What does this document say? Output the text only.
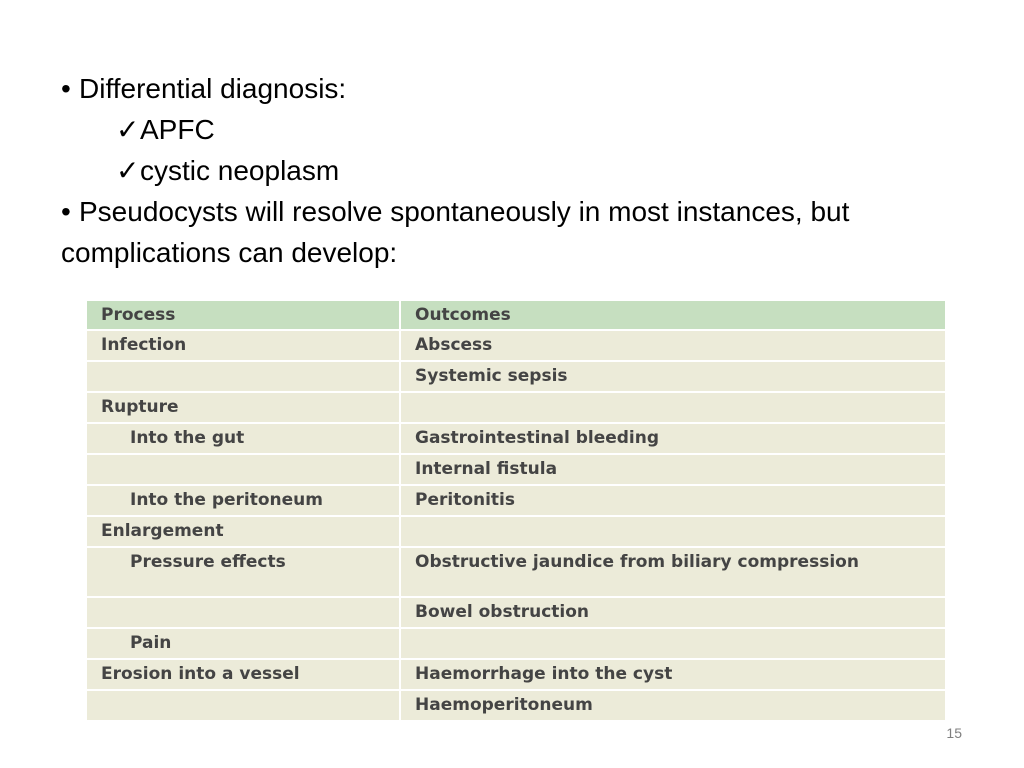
• Differential diagnosis:
✓APFC
✓cystic neoplasm
• Pseudocysts will resolve spontaneously in most instances, but complications can develop:
Process	Outcomes
Infection	Abscess
	Systemic sepsis
Rupture	
Into the gut	Gastrointestinal bleeding
	Internal fistula
Into the peritoneum	Peritonitis
Enlargement	
Pressure effects	Obstructive jaundice from biliary compression
	Bowel obstruction
Pain	
Erosion into a vessel	Haemorrhage into the cyst
	Haemoperitoneum
15
